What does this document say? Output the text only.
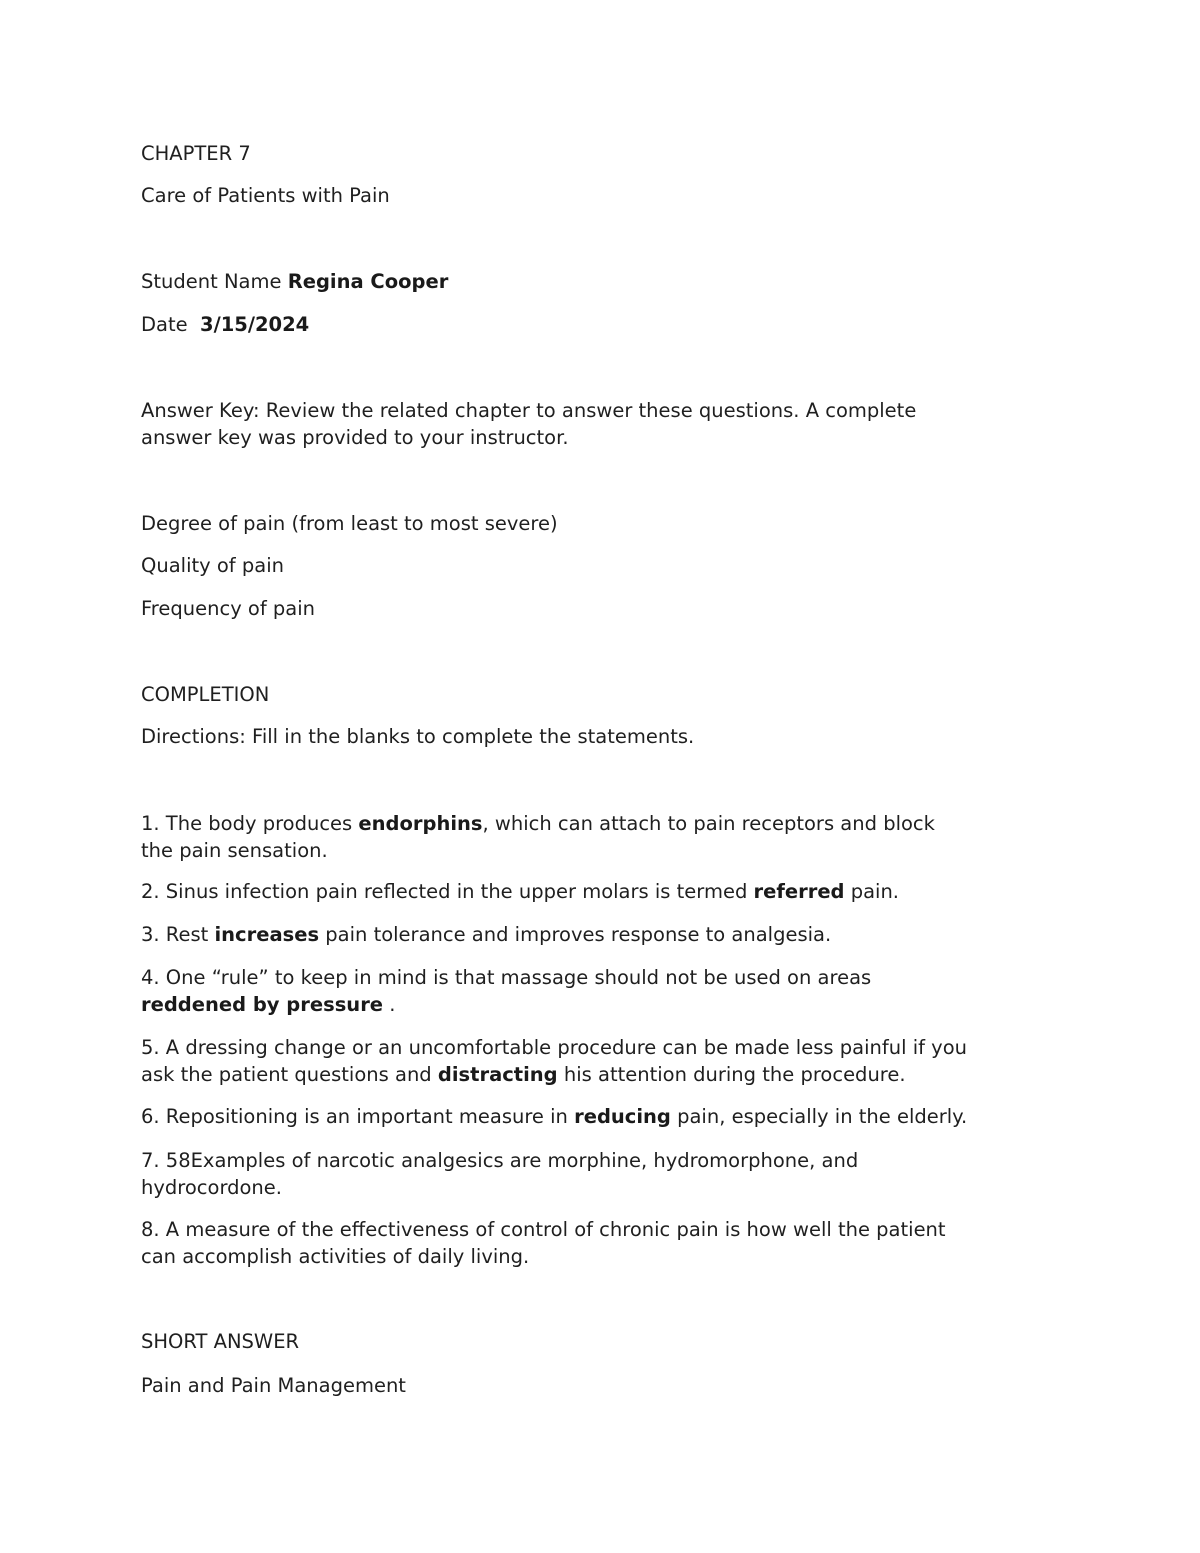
CHAPTER 7
Care of Patients with Pain
Student Name Regina Cooper
Date  3/15/2024
Answer Key: Review the related chapter to answer these questions. A complete
answer key was provided to your instructor.
Degree of pain (from least to most severe)
Quality of pain
Frequency of pain
COMPLETION
Directions: Fill in the blanks to complete the statements.
1. The body produces endorphins, which can attach to pain receptors and block
the pain sensation.
2. Sinus infection pain reflected in the upper molars is termed referred pain.
3. Rest increases pain tolerance and improves response to analgesia.
4. One “rule” to keep in mind is that massage should not be used on areas
reddened by pressure .
5. A dressing change or an uncomfortable procedure can be made less painful if you
ask the patient questions and distracting his attention during the procedure.
6. Repositioning is an important measure in reducing pain, especially in the elderly.
7. 58Examples of narcotic analgesics are morphine, hydromorphone, and
hydrocordone.
8. A measure of the effectiveness of control of chronic pain is how well the patient
can accomplish activities of daily living.
SHORT ANSWER
Pain and Pain Management
